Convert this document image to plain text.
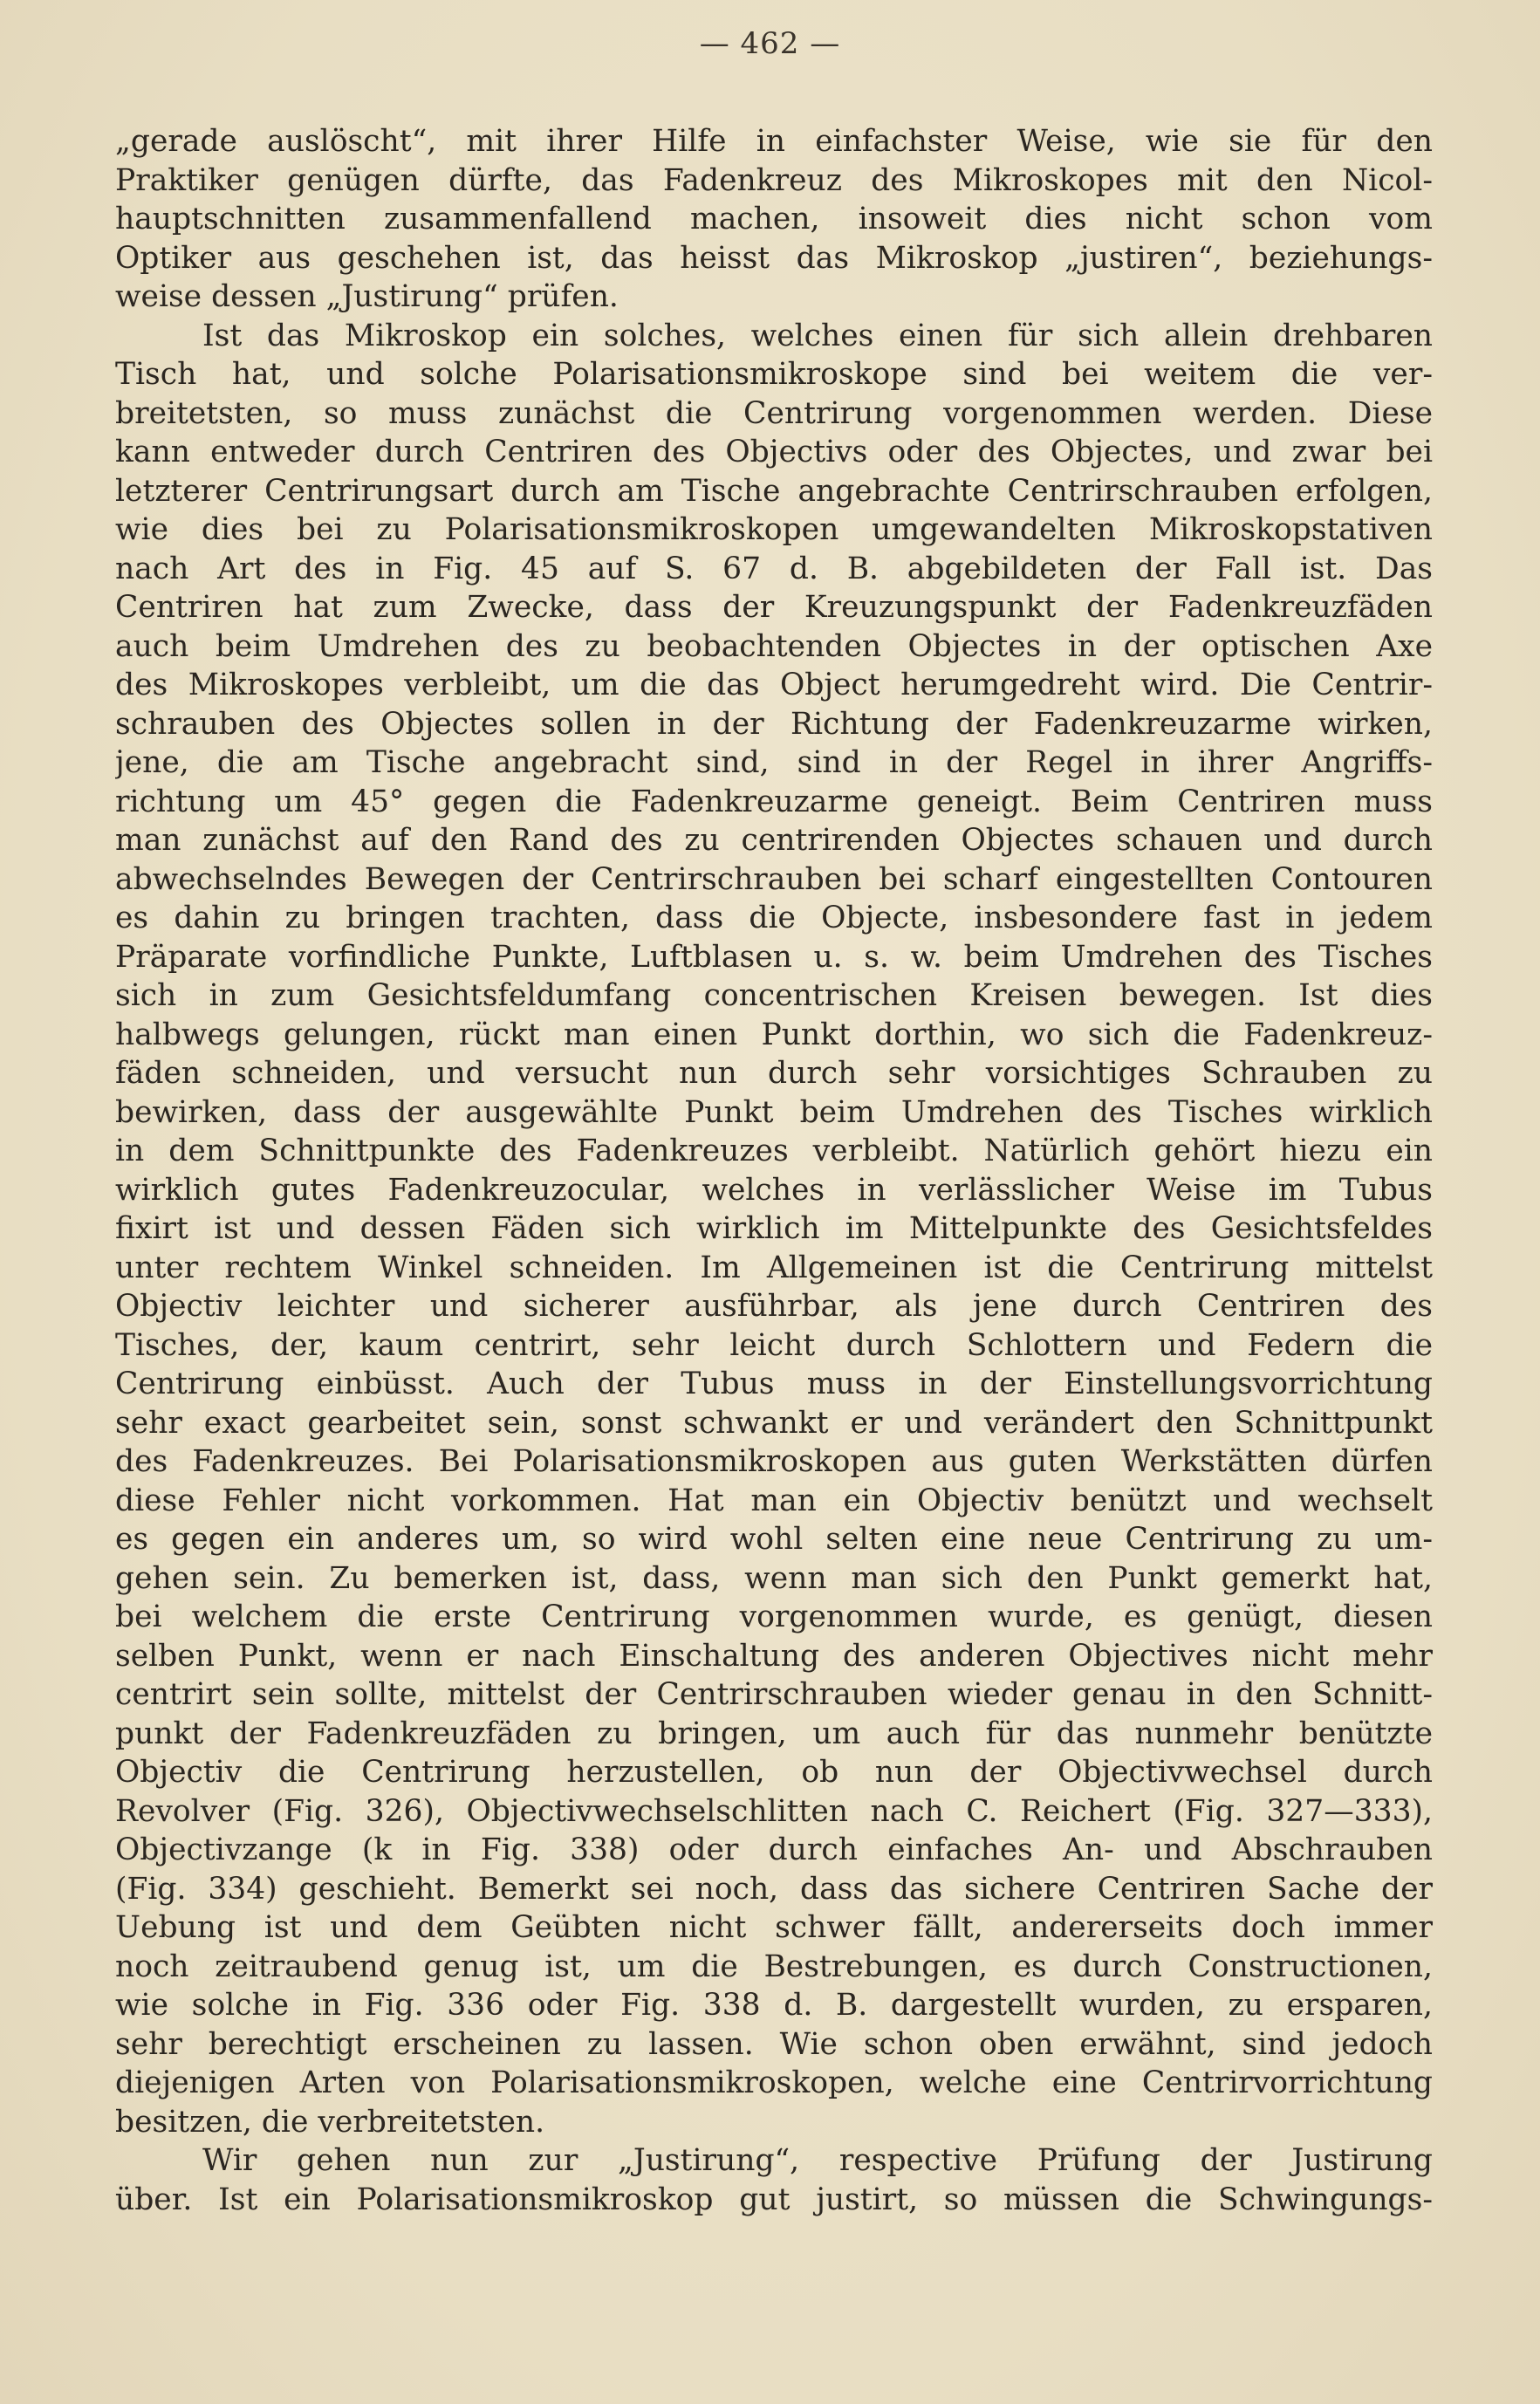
— 462 —
„gerade auslöscht“, mit ihrer Hilfe in einfachster Weise, wie sie für den
Praktiker genügen dürfte, das Fadenkreuz des Mikroskopes mit den Nicol-
hauptschnitten zusammenfallend machen, insoweit dies nicht schon vom
Optiker aus geschehen ist, das heisst das Mikroskop „justiren“, beziehungs-
weise dessen „Justirung“ prüfen.
Ist das Mikroskop ein solches, welches einen für sich allein drehbaren
Tisch hat, und solche Polarisationsmikroskope sind bei weitem die ver-
breitetsten, so muss zunächst die Centrirung vorgenommen werden. Diese
kann entweder durch Centriren des Objectivs oder des Objectes, und zwar bei
letzterer Centrirungsart durch am Tische angebrachte Centrirschrauben erfolgen,
wie dies bei zu Polarisationsmikroskopen umgewandelten Mikroskopstativen
nach Art des in Fig. 45 auf S. 67 d. B. abgebildeten der Fall ist. Das
Centriren hat zum Zwecke, dass der Kreuzungspunkt der Fadenkreuzfäden
auch beim Umdrehen des zu beobachtenden Objectes in der optischen Axe
des Mikroskopes verbleibt, um die das Object herumgedreht wird. Die Centrir-
schrauben des Objectes sollen in der Richtung der Fadenkreuzarme wirken,
jene, die am Tische angebracht sind, sind in der Regel in ihrer Angriffs-
richtung um 45° gegen die Fadenkreuzarme geneigt. Beim Centriren muss
man zunächst auf den Rand des zu centrirenden Objectes schauen und durch
abwechselndes Bewegen der Centrirschrauben bei scharf eingestellten Contouren
es dahin zu bringen trachten, dass die Objecte, insbesondere fast in jedem
Präparate vorfindliche Punkte, Luftblasen u. s. w. beim Umdrehen des Tisches
sich in zum Gesichtsfeldumfang concentrischen Kreisen bewegen. Ist dies
halbwegs gelungen, rückt man einen Punkt dorthin, wo sich die Fadenkreuz-
fäden schneiden, und versucht nun durch sehr vorsichtiges Schrauben zu
bewirken, dass der ausgewählte Punkt beim Umdrehen des Tisches wirklich
in dem Schnittpunkte des Fadenkreuzes verbleibt. Natürlich gehört hiezu ein
wirklich gutes Fadenkreuzocular, welches in verlässlicher Weise im Tubus
fixirt ist und dessen Fäden sich wirklich im Mittelpunkte des Gesichtsfeldes
unter rechtem Winkel schneiden. Im Allgemeinen ist die Centrirung mittelst
Objectiv leichter und sicherer ausführbar, als jene durch Centriren des
Tisches, der, kaum centrirt, sehr leicht durch Schlottern und Federn die
Centrirung einbüsst. Auch der Tubus muss in der Einstellungsvorrichtung
sehr exact gearbeitet sein, sonst schwankt er und verändert den Schnittpunkt
des Fadenkreuzes. Bei Polarisationsmikroskopen aus guten Werkstätten dürfen
diese Fehler nicht vorkommen. Hat man ein Objectiv benützt und wechselt
es gegen ein anderes um, so wird wohl selten eine neue Centrirung zu um-
gehen sein. Zu bemerken ist, dass, wenn man sich den Punkt gemerkt hat,
bei welchem die erste Centrirung vorgenommen wurde, es genügt, diesen
selben Punkt, wenn er nach Einschaltung des anderen Objectives nicht mehr
centrirt sein sollte, mittelst der Centrirschrauben wieder genau in den Schnitt-
punkt der Fadenkreuzfäden zu bringen, um auch für das nunmehr benützte
Objectiv die Centrirung herzustellen, ob nun der Objectivwechsel durch
Revolver (Fig. 326), Objectivwechselschlitten nach C. Reichert (Fig. 327—333),
Objectivzange (k in Fig. 338) oder durch einfaches An- und Abschrauben
(Fig. 334) geschieht. Bemerkt sei noch, dass das sichere Centriren Sache der
Uebung ist und dem Geübten nicht schwer fällt, andererseits doch immer
noch zeitraubend genug ist, um die Bestrebungen, es durch Constructionen,
wie solche in Fig. 336 oder Fig. 338 d. B. dargestellt wurden, zu ersparen,
sehr berechtigt erscheinen zu lassen. Wie schon oben erwähnt, sind jedoch
diejenigen Arten von Polarisationsmikroskopen, welche eine Centrirvorrichtung
besitzen, die verbreitetsten.
Wir gehen nun zur „Justirung“, respective Prüfung der Justirung
über. Ist ein Polarisationsmikroskop gut justirt, so müssen die Schwingungs-
